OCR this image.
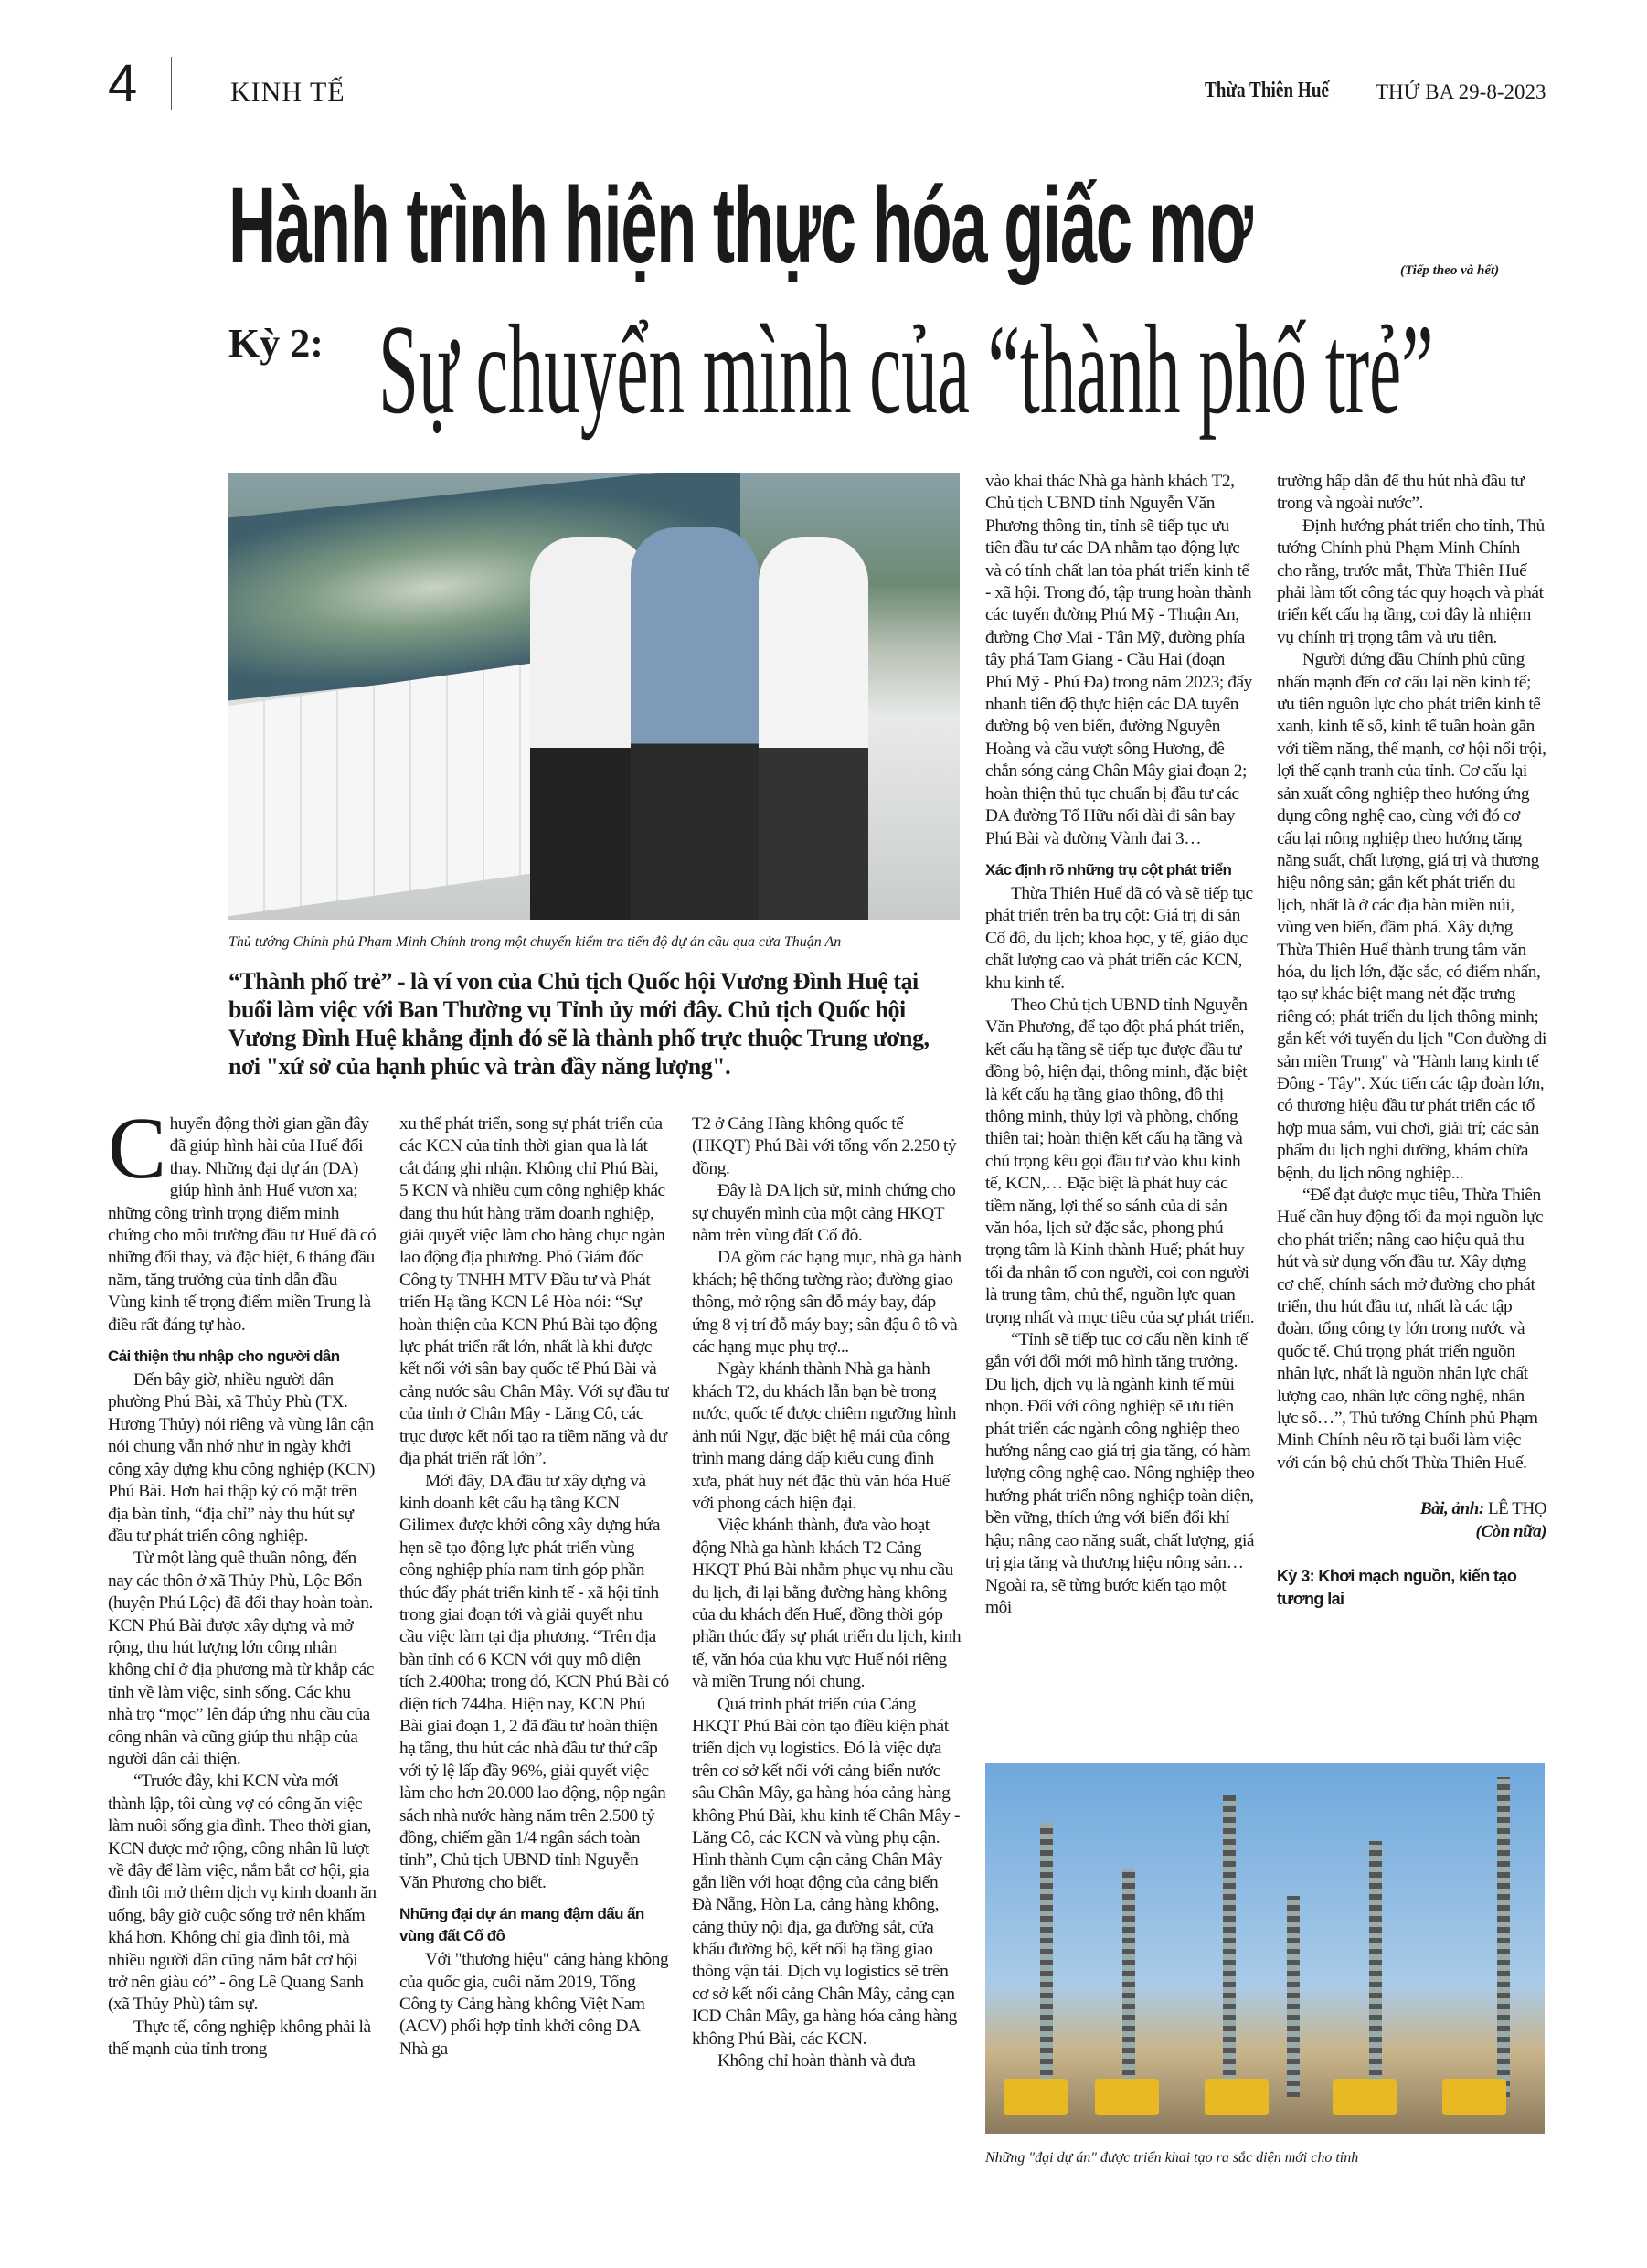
4	KINH TẾ	Thừa Thiên Huế THỨ BA 29-8-2023
Hành trình hiện thực hóa giấc mơ	(Tiếp theo và hết)
Kỳ 2: Sự chuyển mình của “thành phố trẻ”
Thủ tướng Chính phủ Phạm Minh Chính trong một chuyến kiểm tra tiến độ dự án cầu qua cửa Thuận An
“Thành phố trẻ” - là ví von của Chủ tịch Quốc hội Vương Đình Huệ tại buổi làm việc với Ban Thường vụ Tỉnh ủy mới đây. Chủ tịch Quốc hội Vương Đình Huệ khẳng định đó sẽ là thành phố trực thuộc Trung ương, nơi "xứ sở của hạnh phúc và tràn đầy năng lượng".

Chuyển động thời gian gần đây đã giúp hình hài của Huế đổi thay. Những đại dự án (DA) giúp hình ảnh Huế vươn xa; những công trình trọng điểm minh chứng cho môi trường đầu tư Huế đã có những đổi thay, và đặc biệt, 6 tháng đầu năm, tăng trưởng của tỉnh dẫn đầu Vùng kinh tế trọng điểm miền Trung là điều rất đáng tự hào.

Cải thiện thu nhập cho người dân

Đến bây giờ, nhiều người dân phường Phú Bài, xã Thủy Phù (TX. Hương Thủy) nói riêng và vùng lân cận nói chung vẫn nhớ như in ngày khởi công xây dựng khu công nghiệp (KCN) Phú Bài. Hơn hai thập kỷ có mặt trên địa bàn tỉnh, “địa chỉ” này thu hút sự đầu tư phát triển công nghiệp.

Từ một làng quê thuần nông, đến nay các thôn ở xã Thủy Phù, Lộc Bổn (huyện Phú Lộc) đã đổi thay hoàn toàn. KCN Phú Bài được xây dựng và mở rộng, thu hút lượng lớn công nhân không chỉ ở địa phương mà từ khắp các tỉnh về làm việc, sinh sống. Các khu nhà trọ “mọc” lên đáp ứng nhu cầu của công nhân và cũng giúp thu nhập của người dân cải thiện.

“Trước đây, khi KCN vừa mới thành lập, tôi cùng vợ có công ăn việc làm nuôi sống gia đình. Theo thời gian, KCN được mở rộng, công nhân lũ lượt về đây để làm việc, nắm bắt cơ hội, gia đình tôi mở thêm dịch vụ kinh doanh ăn uống, bây giờ cuộc sống trở nên khấm khá hơn. Không chỉ gia đình tôi, mà nhiều người dân cũng nắm bắt cơ hội trở nên giàu có” - ông Lê Quang Sanh (xã Thủy Phù) tâm sự.

Thực tế, công nghiệp không phải là thế mạnh của tỉnh trong

xu thế phát triển, song sự phát triển của các KCN của tỉnh thời gian qua là lát cắt đáng ghi nhận. Không chỉ Phú Bài, 5 KCN và nhiều cụm công nghiệp khác đang thu hút hàng trăm doanh nghiệp, giải quyết việc làm cho hàng chục ngàn lao động địa phương. Phó Giám đốc Công ty TNHH MTV Đầu tư và Phát triển Hạ tầng KCN Lê Hòa nói: “Sự hoàn thiện của KCN Phú Bài tạo động lực phát triển rất lớn, nhất là khi được kết nối với sân bay quốc tế Phú Bài và cảng nước sâu Chân Mây. Với sự đầu tư của tỉnh ở Chân Mây - Lăng Cô, các trục được kết nối tạo ra tiềm năng và dư địa phát triển rất lớn”.

Mới đây, DA đầu tư xây dựng và kinh doanh kết cấu hạ tầng KCN Gilimex được khởi công xây dựng hứa hẹn sẽ tạo động lực phát triển vùng công nghiệp phía nam tỉnh góp phần thúc đẩy phát triển kinh tế - xã hội tỉnh trong giai đoạn tới và giải quyết nhu cầu việc làm tại địa phương. “Trên địa bàn tỉnh có 6 KCN với quy mô diện tích 2.400ha; trong đó, KCN Phú Bài có diện tích 744ha. Hiện nay, KCN Phú Bài giai đoạn 1, 2 đã đầu tư hoàn thiện hạ tầng, thu hút các nhà đầu tư thứ cấp với tỷ lệ lấp đầy 96%, giải quyết việc làm cho hơn 20.000 lao động, nộp ngân sách nhà nước hàng năm trên 2.500 tỷ đồng, chiếm gần 1/4 ngân sách toàn tỉnh”, Chủ tịch UBND tỉnh Nguyễn Văn Phương cho biết.

Những đại dự án mang đậm dấu ấn vùng đất Cố đô

Với "thương hiệu" cảng hàng không của quốc gia, cuối năm 2019, Tổng Công ty Cảng hàng không Việt Nam (ACV) phối hợp tỉnh khởi công DA Nhà ga

T2 ở Cảng Hàng không quốc tế (HKQT) Phú Bài với tổng vốn 2.250 tỷ đồng.

Đây là DA lịch sử, minh chứng cho sự chuyển mình của một cảng HKQT nằm trên vùng đất Cố đô.

DA gồm các hạng mục, nhà ga hành khách; hệ thống tường rào; đường giao thông, mở rộng sân đỗ máy bay, đáp ứng 8 vị trí đỗ máy bay; sân đậu ô tô và các hạng mục phụ trợ...

Ngày khánh thành Nhà ga hành khách T2, du khách lẫn bạn bè trong nước, quốc tế được chiêm ngưỡng hình ảnh núi Ngự, đặc biệt hệ mái của công trình mang dáng dấp kiểu cung đình xưa, phát huy nét đặc thù văn hóa Huế với phong cách hiện đại.

Việc khánh thành, đưa vào hoạt động Nhà ga hành khách T2 Cảng HKQT Phú Bài nhằm phục vụ nhu cầu du lịch, đi lại bằng đường hàng không của du khách đến Huế, đồng thời góp phần thúc đẩy sự phát triển du lịch, kinh tế, văn hóa của khu vực Huế nói riêng và miền Trung nói chung.

Quá trình phát triển của Cảng HKQT Phú Bài còn tạo điều kiện phát triển dịch vụ logistics. Đó là việc dựa trên cơ sở kết nối với cảng biển nước sâu Chân Mây, ga hàng hóa cảng hàng không Phú Bài, khu kinh tế Chân Mây - Lăng Cô, các KCN và vùng phụ cận. Hình thành Cụm cận cảng Chân Mây gắn liền với hoạt động của cảng biển Đà Nẵng, Hòn La, cảng hàng không, cảng thủy nội địa, ga đường sắt, cửa khẩu đường bộ, kết nối hạ tầng giao thông vận tải. Dịch vụ logistics sẽ trên cơ sở kết nối cảng Chân Mây, cảng cạn ICD Chân Mây, ga hàng hóa cảng hàng không Phú Bài, các KCN.

Không chỉ hoàn thành và đưa

vào khai thác Nhà ga hành khách T2, Chủ tịch UBND tỉnh Nguyễn Văn Phương thông tin, tỉnh sẽ tiếp tục ưu tiên đầu tư các DA nhằm tạo động lực và có tính chất lan tỏa phát triển kinh tế - xã hội. Trong đó, tập trung hoàn thành các tuyến đường Phú Mỹ - Thuận An, đường Chợ Mai - Tân Mỹ, đường phía tây phá Tam Giang - Cầu Hai (đoạn Phú Mỹ - Phú Đa) trong năm 2023; đẩy nhanh tiến độ thực hiện các DA tuyến đường bộ ven biển, đường Nguyễn Hoàng và cầu vượt sông Hương, đê chắn sóng cảng Chân Mây giai đoạn 2; hoàn thiện thủ tục chuẩn bị đầu tư các DA đường Tố Hữu nối dài đi sân bay Phú Bài và đường Vành đai 3…

Xác định rõ những trụ cột phát triển

Thừa Thiên Huế đã có và sẽ tiếp tục phát triển trên ba trụ cột: Giá trị di sản Cố đô, du lịch; khoa học, y tế, giáo dục chất lượng cao và phát triển các KCN, khu kinh tế.

Theo Chủ tịch UBND tỉnh Nguyễn Văn Phương, để tạo đột phá phát triển, kết cấu hạ tầng sẽ tiếp tục được đầu tư đồng bộ, hiện đại, thông minh, đặc biệt là kết cấu hạ tầng giao thông, đô thị thông minh, thủy lợi và phòng, chống thiên tai; hoàn thiện kết cấu hạ tầng và chú trọng kêu gọi đầu tư vào khu kinh tế, KCN,… Đặc biệt là phát huy các tiềm năng, lợi thế so sánh của di sản văn hóa, lịch sử đặc sắc, phong phú trọng tâm là Kinh thành Huế; phát huy tối đa nhân tố con người, coi con người là trung tâm, chủ thể, nguồn lực quan trọng nhất và mục tiêu của sự phát triển.

“Tỉnh sẽ tiếp tục cơ cấu nền kinh tế gắn với đổi mới mô hình tăng trưởng. Du lịch, dịch vụ là ngành kinh tế mũi nhọn. Đối với công nghiệp sẽ ưu tiên phát triển các ngành công nghiệp theo hướng nâng cao giá trị gia tăng, có hàm lượng công nghệ cao. Nông nghiệp theo hướng phát triển nông nghiệp toàn diện, bền vững, thích ứng với biến đổi khí hậu; nâng cao năng suất, chất lượng, giá trị gia tăng và thương hiệu nông sản… Ngoài ra, sẽ từng bước kiến tạo một môi

trường hấp dẫn để thu hút nhà đầu tư trong và ngoài nước”.

Định hướng phát triển cho tỉnh, Thủ tướng Chính phủ Phạm Minh Chính cho rằng, trước mắt, Thừa Thiên Huế phải làm tốt công tác quy hoạch và phát triển kết cấu hạ tầng, coi đây là nhiệm vụ chính trị trọng tâm và ưu tiên.

Người đứng đầu Chính phủ cũng nhấn mạnh đến cơ cấu lại nền kinh tế; ưu tiên nguồn lực cho phát triển kinh tế xanh, kinh tế số, kinh tế tuần hoàn gắn với tiềm năng, thế mạnh, cơ hội nổi trội, lợi thế cạnh tranh của tỉnh. Cơ cấu lại sản xuất công nghiệp theo hướng ứng dụng công nghệ cao, cùng với đó cơ cấu lại nông nghiệp theo hướng tăng năng suất, chất lượng, giá trị và thương hiệu nông sản; gắn kết phát triển du lịch, nhất là ở các địa bàn miền núi, vùng ven biển, đầm phá. Xây dựng Thừa Thiên Huế thành trung tâm văn hóa, du lịch lớn, đặc sắc, có điểm nhấn, tạo sự khác biệt mang nét đặc trưng riêng có; phát triển du lịch thông minh; gắn kết với tuyến du lịch "Con đường di sản miền Trung" và "Hành lang kinh tế Đông - Tây". Xúc tiến các tập đoàn lớn, có thương hiệu đầu tư phát triển các tổ hợp mua sắm, vui chơi, giải trí; các sản phẩm du lịch nghỉ dưỡng, khám chữa bệnh, du lịch nông nghiệp...

“Để đạt được mục tiêu, Thừa Thiên Huế cần huy động tối đa mọi nguồn lực cho phát triển; nâng cao hiệu quả thu hút và sử dụng vốn đầu tư. Xây dựng cơ chế, chính sách mở đường cho phát triển, thu hút đầu tư, nhất là các tập đoàn, tổng công ty lớn trong nước và quốc tế. Chú trọng phát triển nguồn nhân lực, nhất là nguồn nhân lực chất lượng cao, nhân lực công nghệ, nhân lực số…”, Thủ tướng Chính phủ Phạm Minh Chính nêu rõ tại buổi làm việc với cán bộ chủ chốt Thừa Thiên Huế.

Bài, ảnh: LÊ THỌ
(Còn nữa)
Kỳ 3: Khơi mạch nguồn, kiến tạo tương lai
Những "đại dự án" được triển khai tạo ra sắc diện mới cho tỉnh
